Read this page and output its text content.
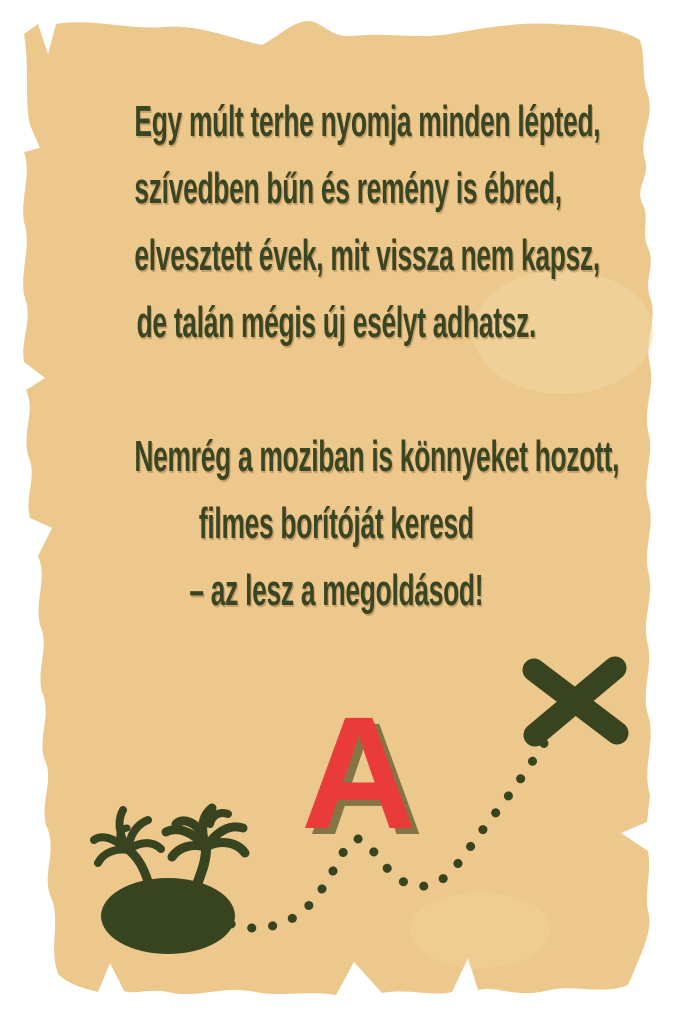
Egy múlt terhe nyomja minden lépted,
szívedben bűn és remény is ébred,
elvesztett évek, mit vissza nem kapsz,
de talán mégis új esélyt adhatsz.
Nemrég a moziban is könnyeket hozott,
filmes borítóját keresd
– az lesz a megoldásod!
A
